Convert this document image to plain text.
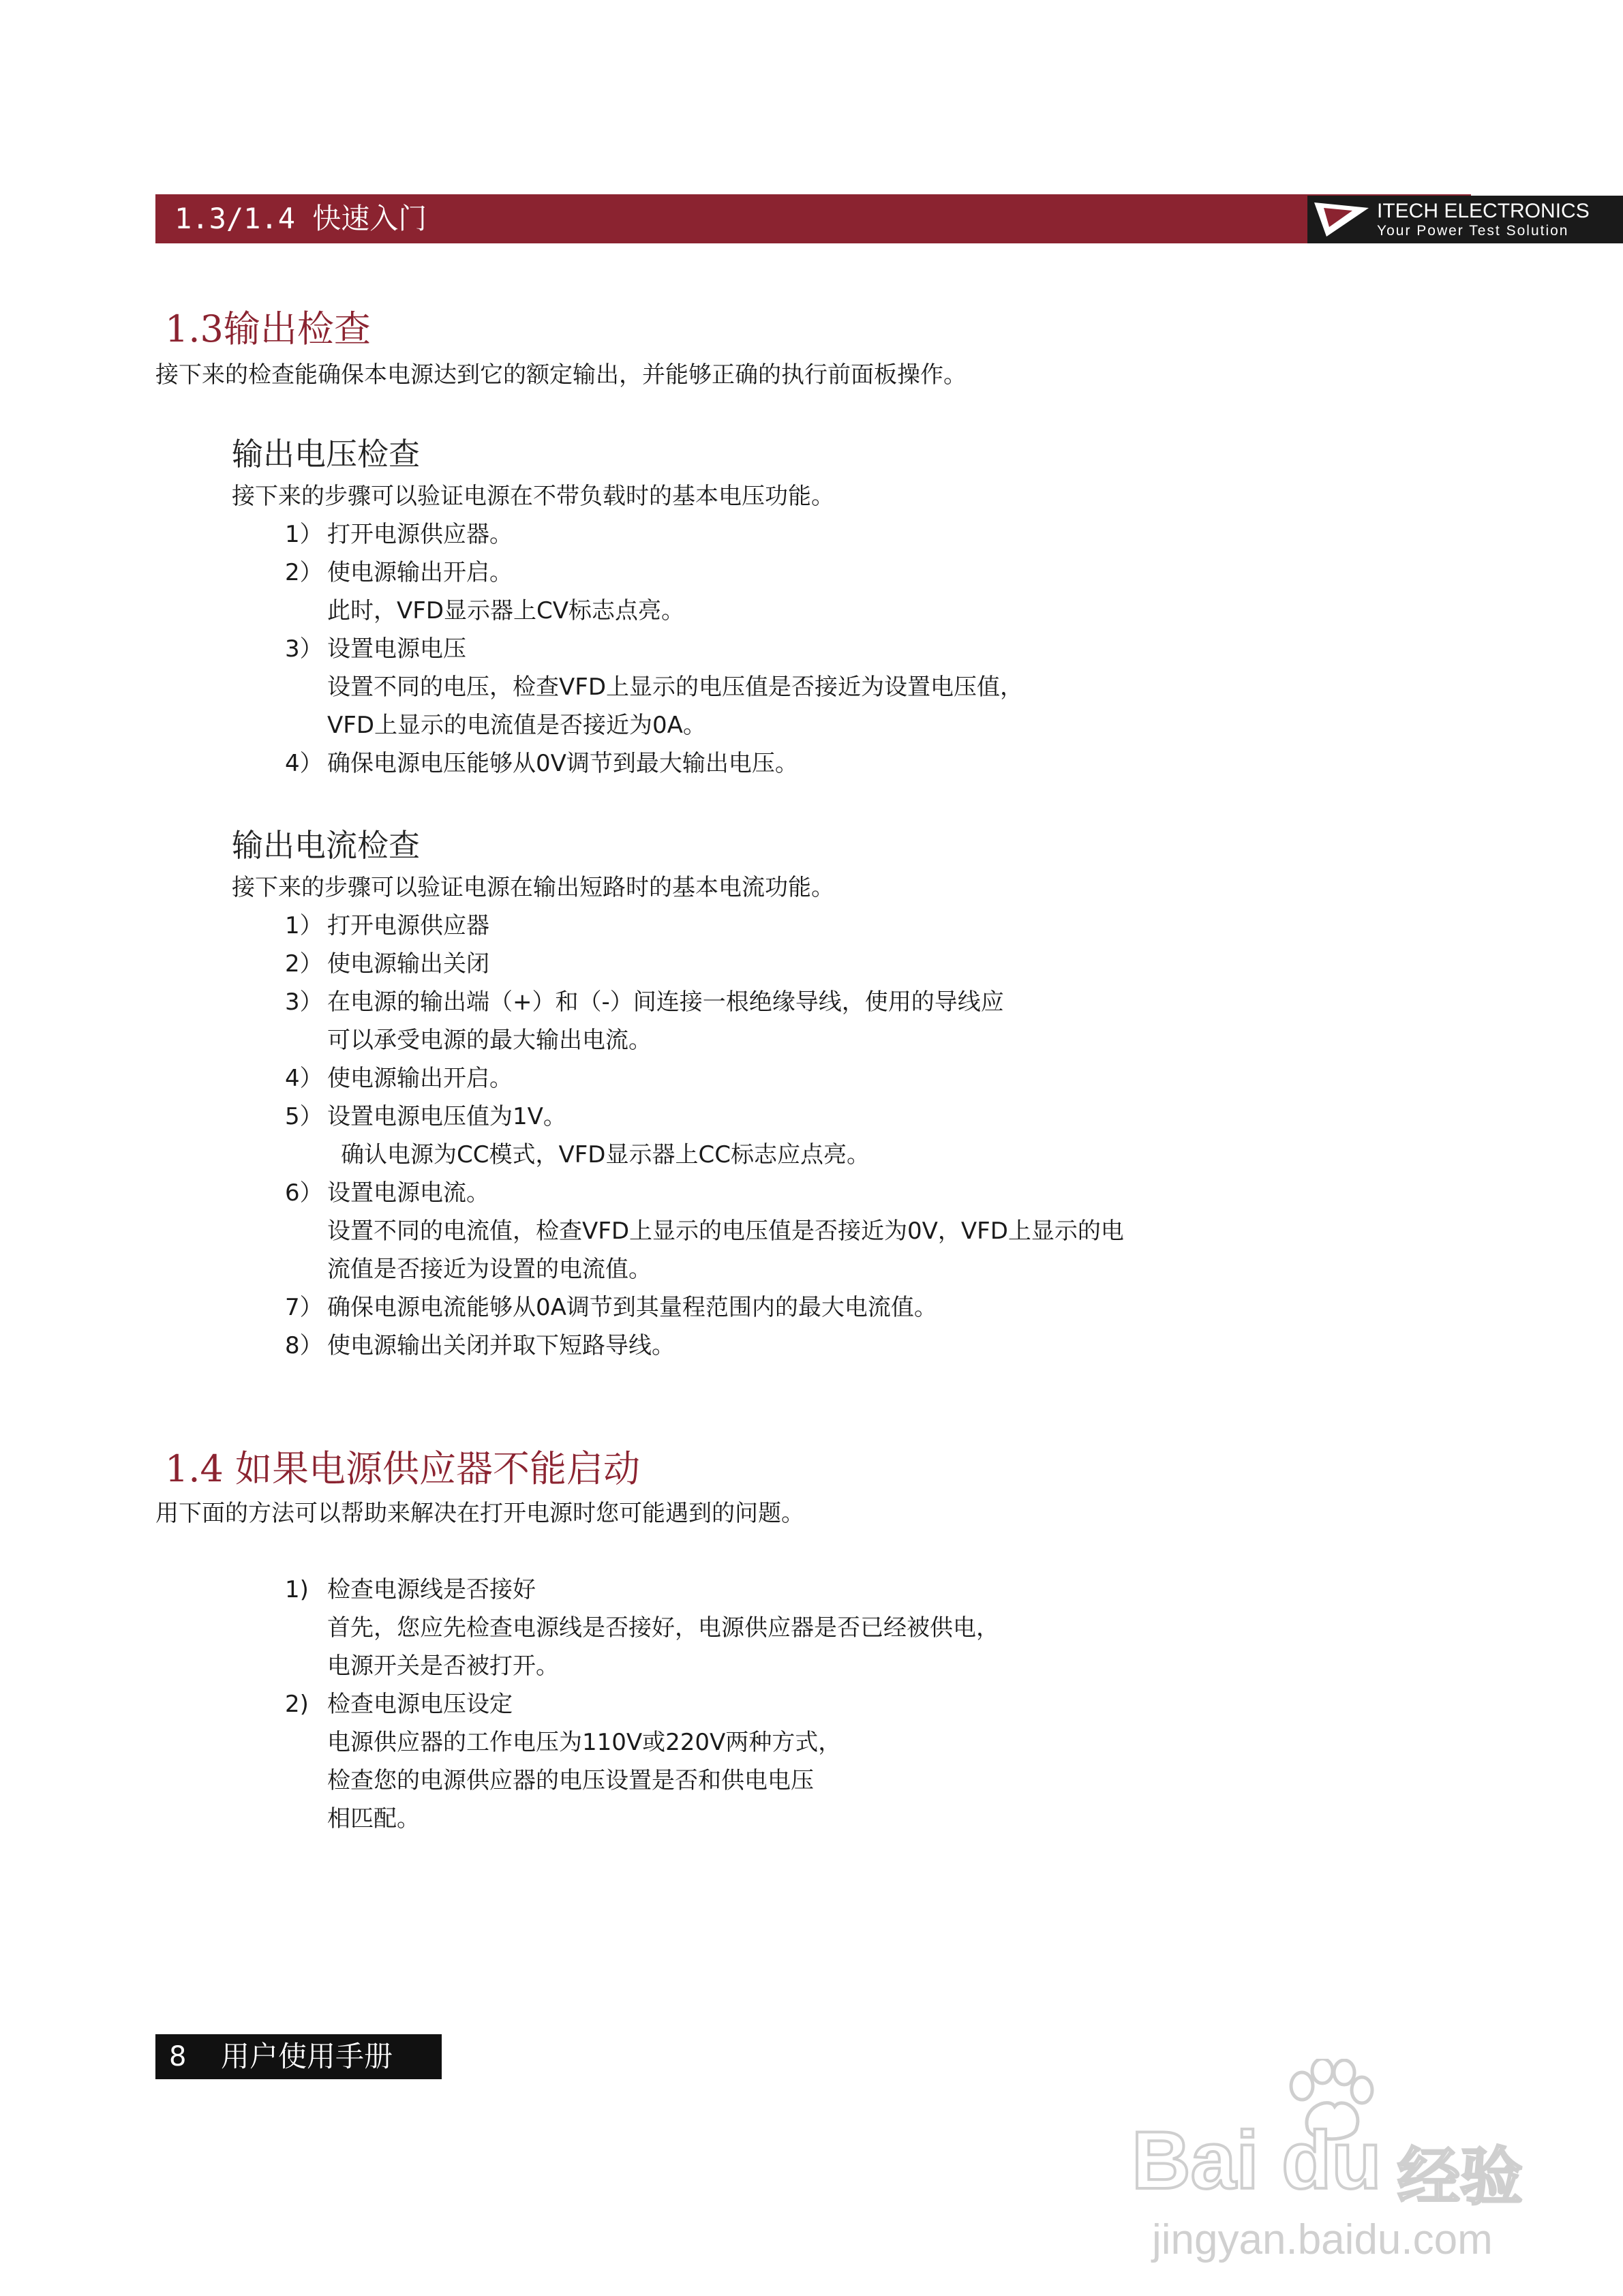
1.3/1.4 快速入门	ITECH ELECTRONICS
Your Power Test Solution
1.3输出检查

接下来的检查能确保本电源达到它的额定输出，并能够正确的执行前面板操作。

输出电压检查

接下来的步骤可以验证电源在不带负载时的基本电压功能。

1） 打开电源供应器。
2） 使电源输出开启。
此时，VFD显示器上CV标志点亮。
3） 设置电源电压
设置不同的电压，检查VFD上显示的电压值是否接近为设置电压值，
VFD上显示的电流值是否接近为0A。
4） 确保电源电压能够从0V调节到最大输出电压。
输出电流检查

接下来的步骤可以验证电源在输出短路时的基本电流功能。

1） 打开电源供应器
2） 使电源输出关闭
3） 在电源的输出端（+）和（-）间连接一根绝缘导线，使用的导线应
可以承受电源的最大输出电流。
4） 使电源输出开启。
5） 设置电源电压值为1V。
确认电源为CC模式，VFD显示器上CC标志应点亮。
6） 设置电源电流。
设置不同的电流值，检查VFD上显示的电压值是否接近为0V，VFD上显示的电
流值是否接近为设置的电流值。
7） 确保电源电流能够从0A调节到其量程范围内的最大电流值。
8） 使电源输出关闭并取下短路导线。
1.4 如果电源供应器不能启动

用下面的方法可以帮助来解决在打开电源时您可能遇到的问题。

1) 检查电源线是否接好
首先，您应先检查电源线是否接好，电源供应器是否已经被供电，
电源开关是否被打开。
2) 检查电源电压设定
电源供应器的工作电压为110V或220V两种方式，
检查您的电源供应器的电压设置是否和供电电压
相匹配。
8 用户使用手册
Bai du 经验
jingyan.baidu.com
